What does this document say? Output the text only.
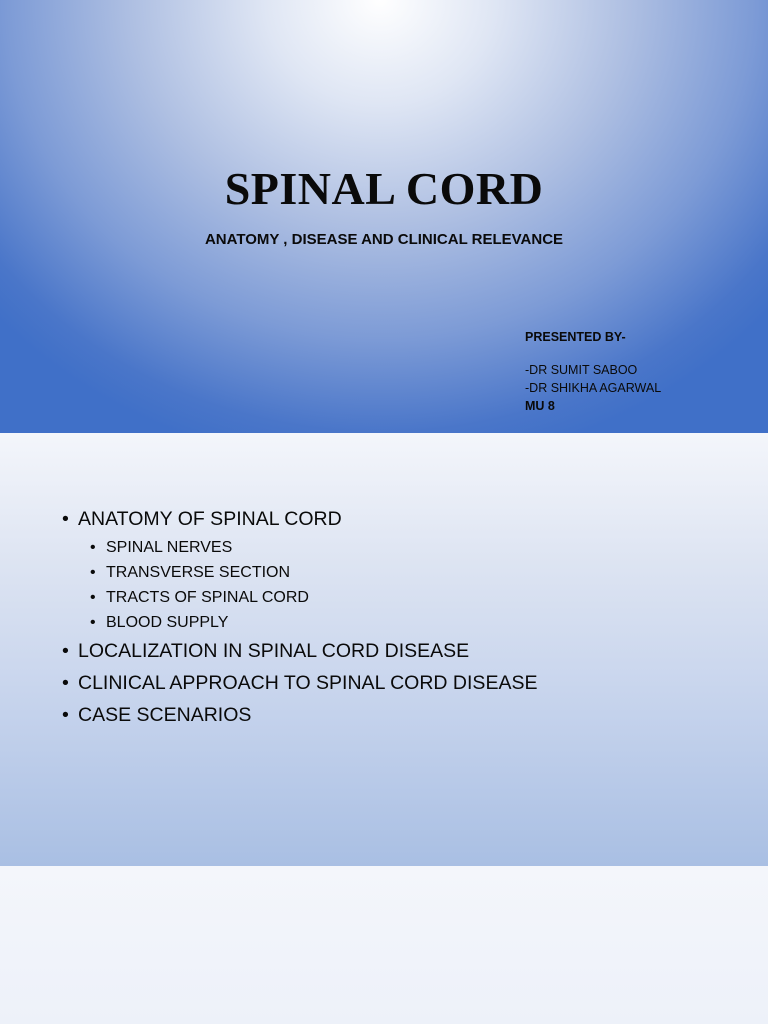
SPINAL CORD
ANATOMY , DISEASE AND CLINICAL RELEVANCE
PRESENTED BY-
-DR SUMIT SABOO
-DR SHIKHA AGARWAL
MU 8
• ANATOMY OF SPINAL CORD
• SPINAL NERVES
• TRANSVERSE SECTION
• TRACTS OF SPINAL CORD
• BLOOD SUPPLY
• LOCALIZATION IN SPINAL CORD DISEASE
• CLINICAL APPROACH TO SPINAL CORD DISEASE
• CASE SCENARIOS
